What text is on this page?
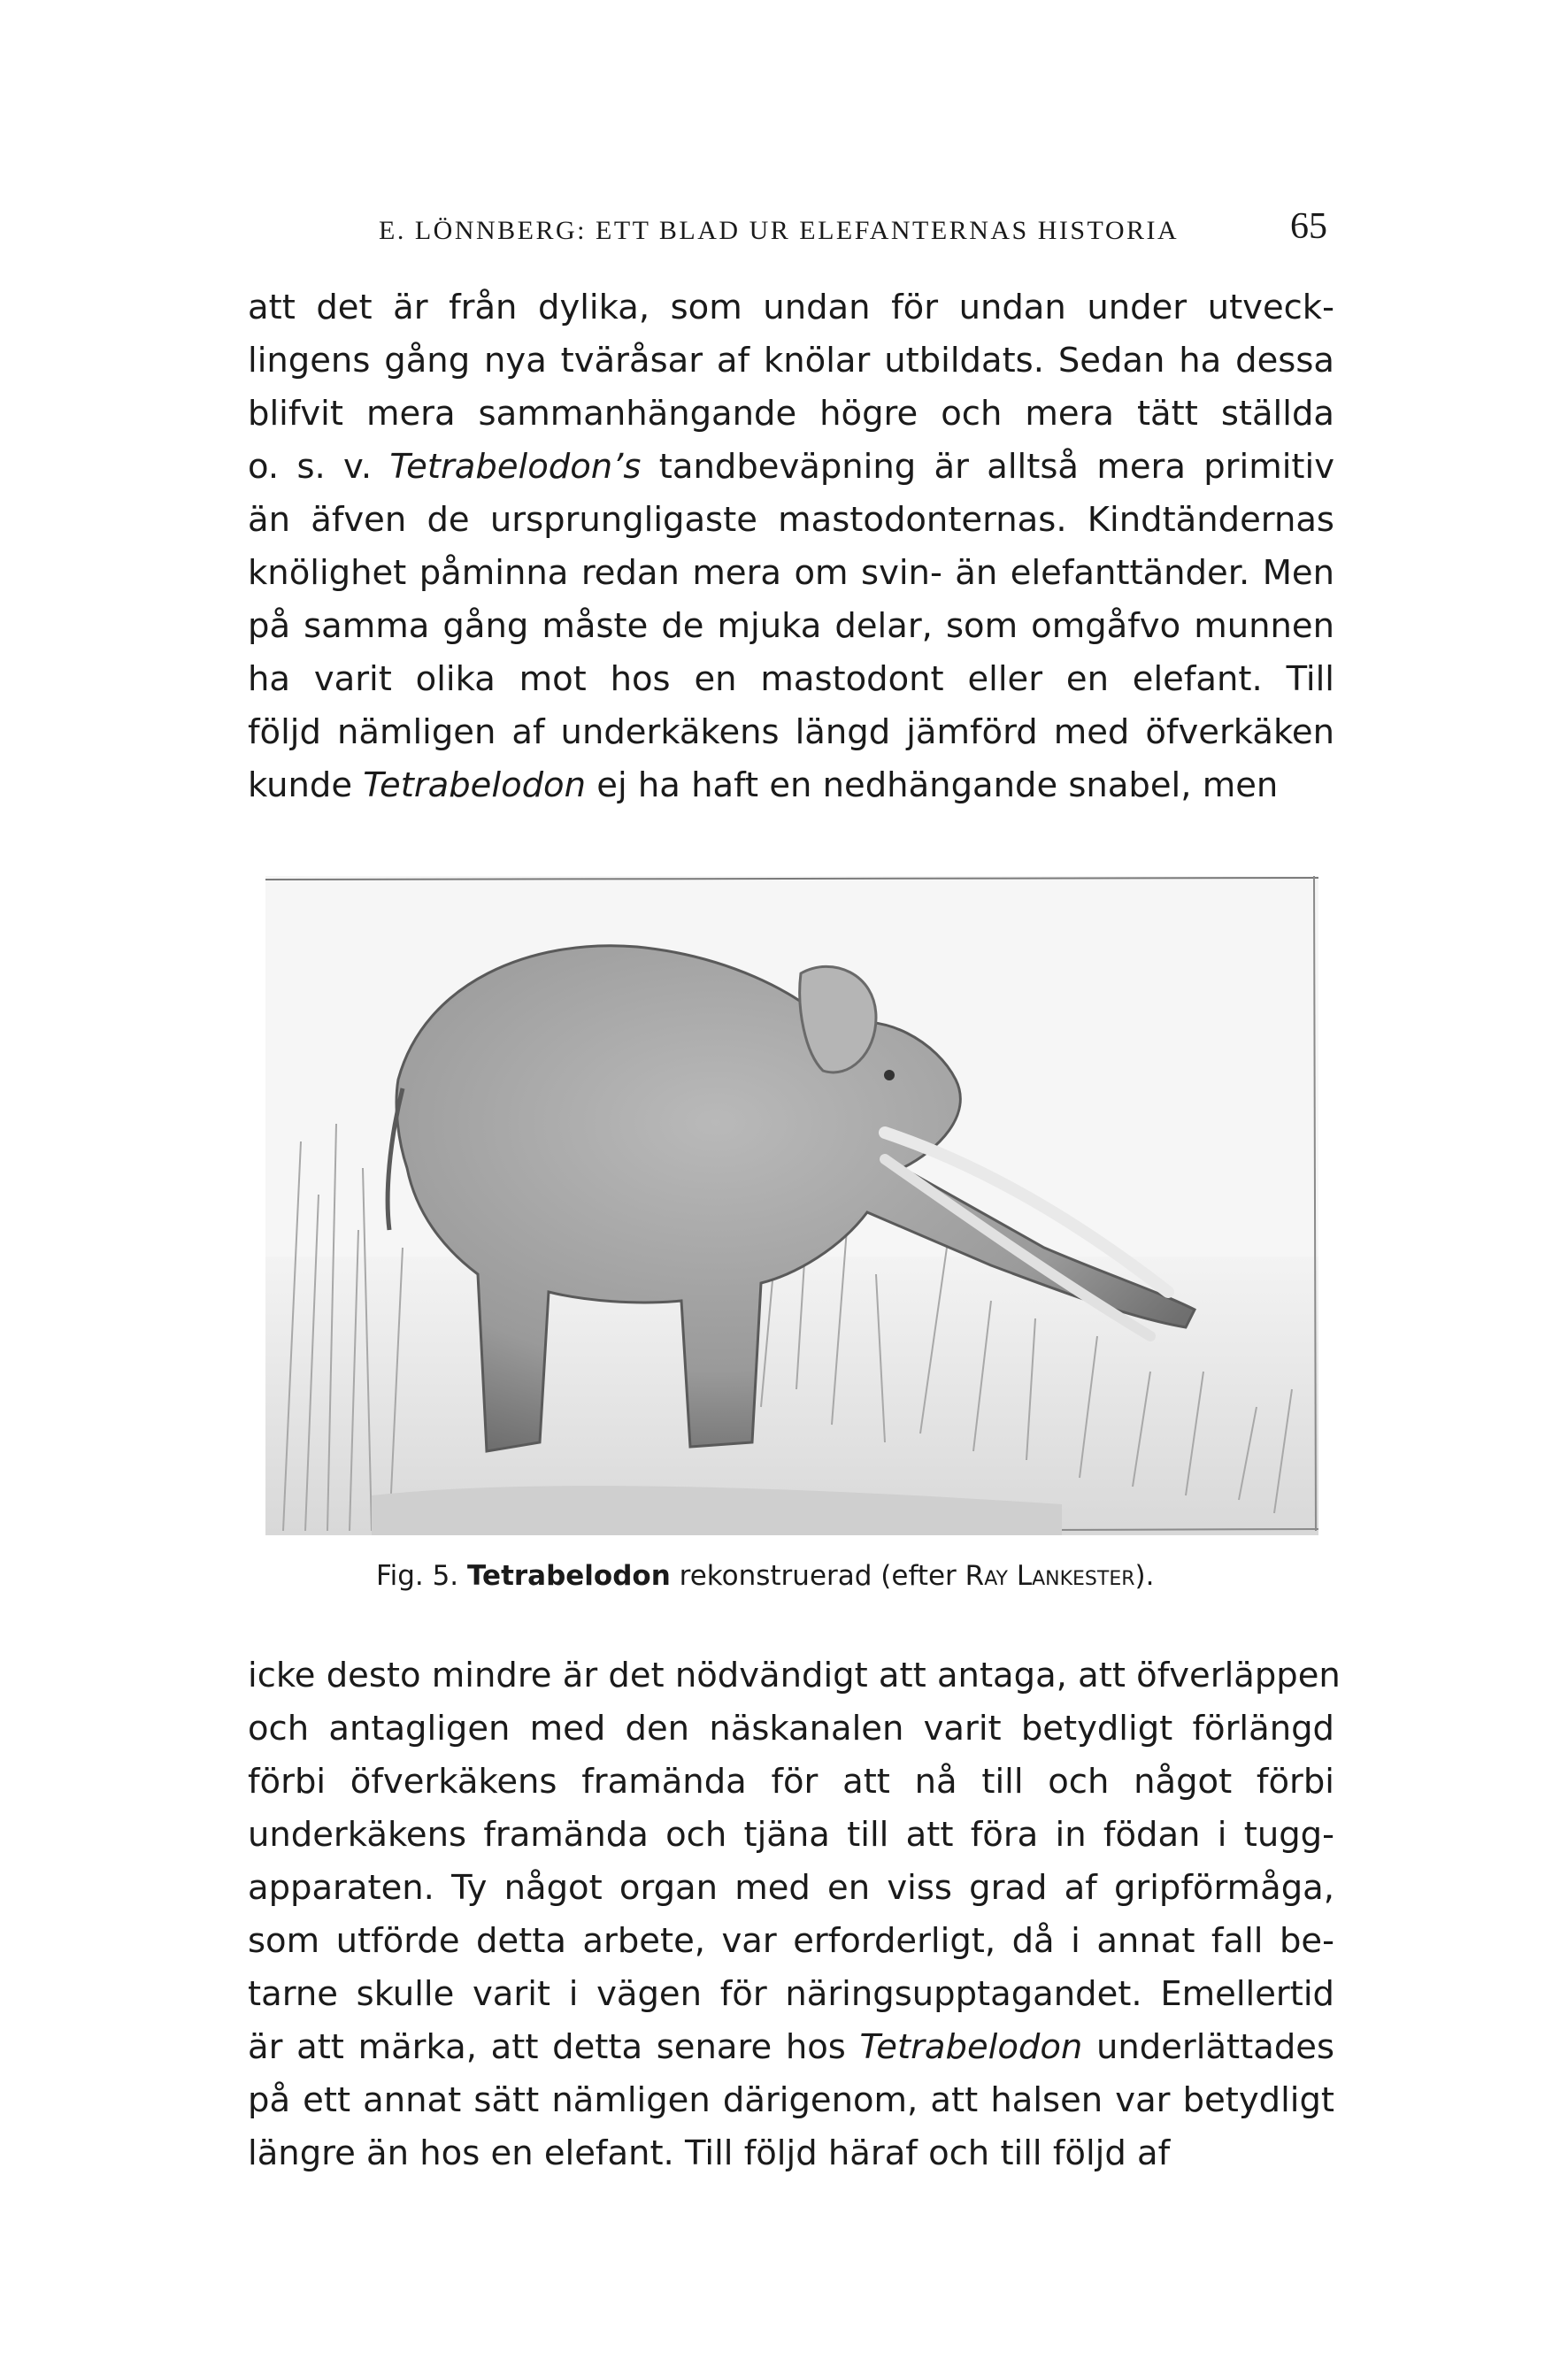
E. LÖNNBERG: ETT BLAD UR ELEFANTERNAS HISTORIA	65
att det är från dylika, som undan för undan under utveck-
lingens gång nya tväråsar af knölar utbildats. Sedan ha dessa
blifvit mera sammanhängande högre och mera tätt ställda
o. s. v. Tetrabelodon’s tandbeväpning är alltså mera primitiv
än äfven de ursprungligaste mastodonternas. Kindtändernas
knölighet påminna redan mera om svin- än elefanttänder. Men
på samma gång måste de mjuka delar, som omgåfvo munnen
ha varit olika mot hos en mastodont eller en elefant. Till
följd nämligen af underkäkens längd jämförd med öfverkäken
kunde Tetrabelodon ej ha haft en nedhängande snabel, men
Fig. 5. Tetrabelodon rekonstruerad (efter Ray Lankester).
icke desto mindre är det nödvändigt att antaga, att öfverläppen
och antagligen med den näskanalen varit betydligt förlängd
förbi öfverkäkens framända för att nå till och något förbi
underkäkens framända och tjäna till att föra in födan i tugg-
apparaten. Ty något organ med en viss grad af gripförmåga,
som utförde detta arbete, var erforderligt, då i annat fall be-
tarne skulle varit i vägen för näringsupptagandet. Emellertid
är att märka, att detta senare hos Tetrabelodon underlättades
på ett annat sätt nämligen därigenom, att halsen var betydligt
längre än hos en elefant. Till följd häraf och till följd af
